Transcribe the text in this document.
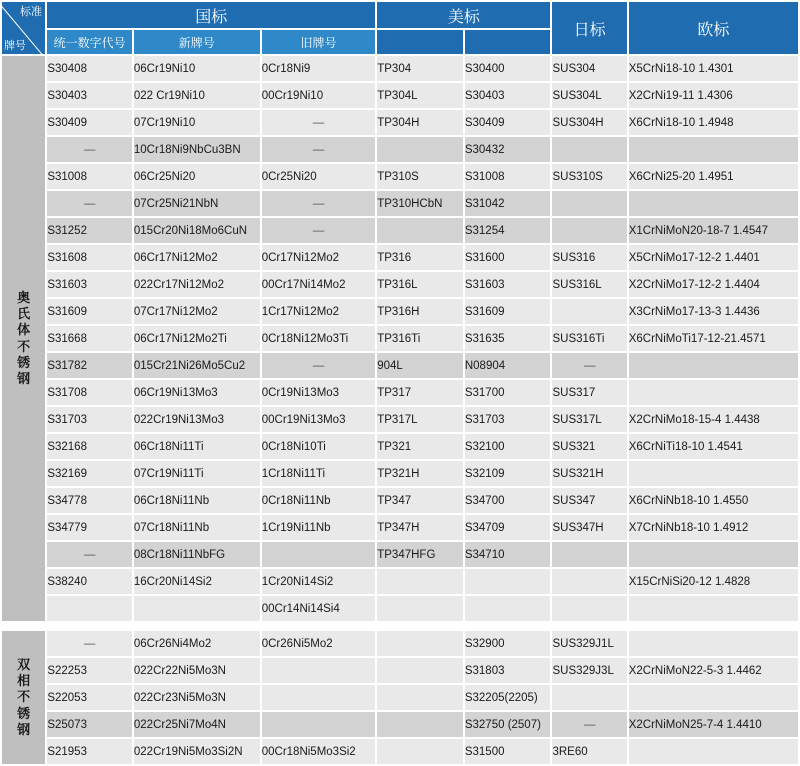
标准
牌号	国标			美标		日标	欧标
	统一数字代号	新牌号	旧牌号				

奥
氏
体
不
锈
钢
	S30408	06Cr19Ni10	0Cr18Ni9	TP304	S30400	SUS304	X5CrNi18-10 1.4301
	S30403	022 Cr19Ni10	00Cr19Ni10	TP304L	S30403	SUS304L	X2CrNi19-11 1.4306
	S30409	07Cr19Ni10	—	TP304H	S30409	SUS304H	X6CrNi18-10 1.4948
	—	10Cr18Ni9NbCu3BN	—		S30432		
	S31008	06Cr25Ni20	0Cr25Ni20	TP310S	S31008	SUS310S	X6CrNi25-20 1.4951
	—	07Cr25Ni21NbN	—	TP310HCbN	S31042		
	S31252	015Cr20Ni18Mo6CuN	—		S31254		X1CrNiMoN20-18-7 1.4547
	S31608	06Cr17Ni12Mo2	0Cr17Ni12Mo2	TP316	S31600	SUS316	X5CrNiMo17-12-2 1.4401
	S31603	022Cr17Ni12Mo2	00Cr17Ni14Mo2	TP316L	S31603	SUS316L	X2CrNiMo17-12-2 1.4404
	S31609	07Cr17Ni12Mo2	1Cr17Ni12Mo2	TP316H	S31609		X3CrNiMo17-13-3 1.4436
	S31668	06Cr17Ni12Mo2Ti	0Cr18Ni12Mo3Ti	TP316Ti	S31635	SUS316Ti	X6CrNiMoTi17-12-21.4571
	S31782	015Cr21Ni26Mo5Cu2	—	904L	N08904	—	
	S31708	06Cr19Ni13Mo3	0Cr19Ni13Mo3	TP317	S31700	SUS317	
	S31703	022Cr19Ni13Mo3	00Cr19Ni13Mo3	TP317L	S31703	SUS317L	X2CrNiMo18-15-4 1.4438
	S32168	06Cr18Ni11Ti	0Cr18Ni10Ti	TP321	S32100	SUS321	X6CrNiTi18-10 1.4541
	S32169	07Cr19Ni11Ti	1Cr18Ni11Ti	TP321H	S32109	SUS321H	
	S34778	06Cr18Ni11Nb	0Cr18Ni11Nb	TP347	S34700	SUS347	X6CrNiNb18-10 1.4550
	S34779	07Cr18Ni11Nb	1Cr19Ni11Nb	TP347H	S34709	SUS347H	X7CrNiNb18-10 1.4912
	—	08Cr18Ni11NbFG		TP347HFG	S34710		
	S38240	16Cr20Ni14Si2	1Cr20Ni14Si2				X15CrNiSi20-12 1.4828
			00Cr14Ni14Si4				

双
相
不
锈
钢	—	06Cr26Ni4Mo2	0Cr26Ni5Mo2		S32900	SUS329J1L	
	S22253	022Cr22Ni5Mo3N			S31803	SUS329J3L	X2CrNiMoN22-5-3 1.4462
	S22053	022Cr23Ni5Mo3N			S32205(2205)		
	S25073	022Cr25Ni7Mo4N			S32750 (2507)	—	X2CrNiMoN25-7-4 1.4410
	S21953	022Cr19Ni5Mo3Si2N	00Cr18Ni5Mo3Si2		S31500	3RE60	
